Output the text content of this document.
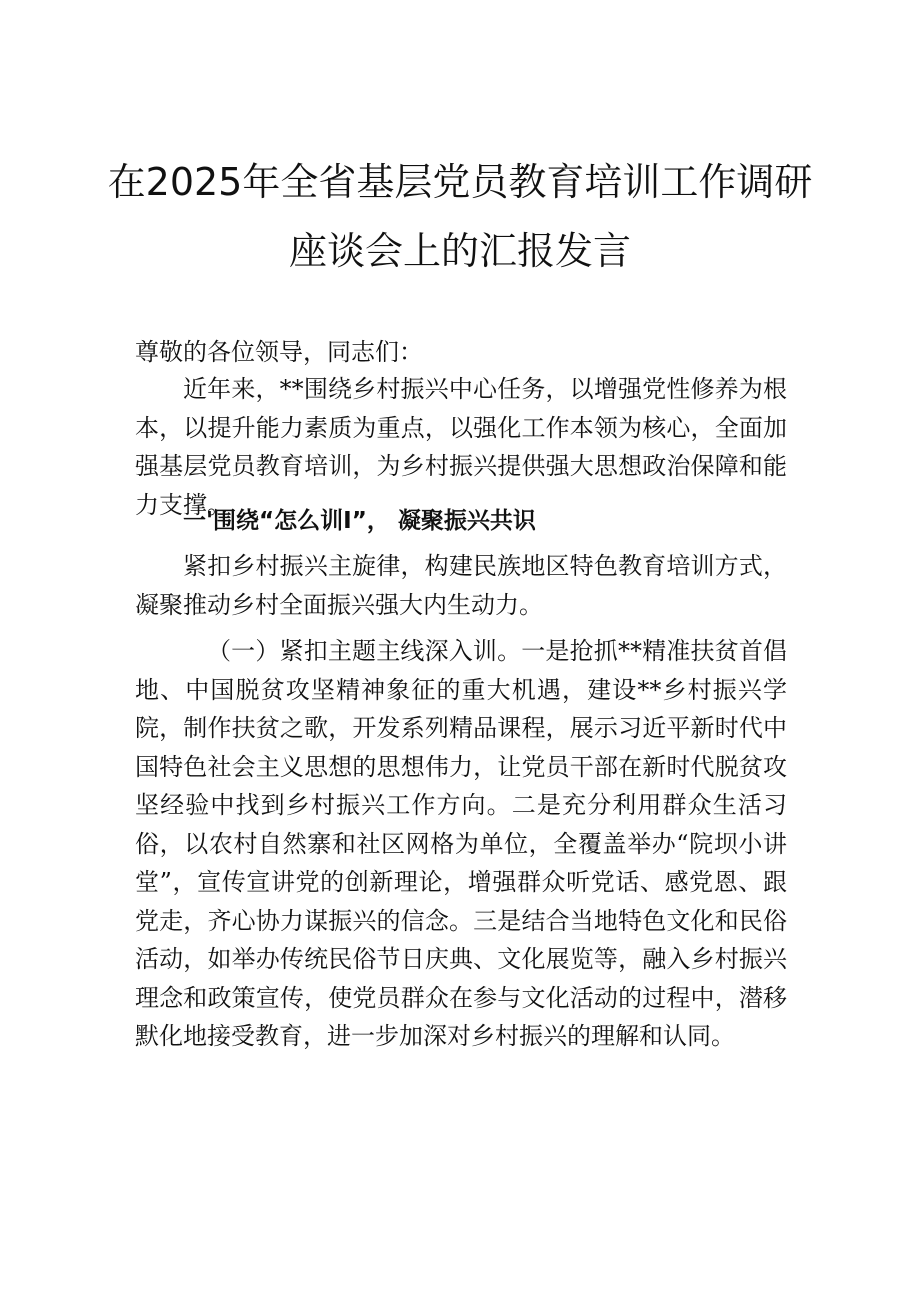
在2025年全省基层党员教育培训工作调研
座谈会上的汇报发言
尊敬的各位领导，同志们：
近年来，**围绕乡村振兴中心任务，以增强党性修养为根本，以提升能力素质为重点，以强化工作本领为核心，全面加强基层党员教育培训，为乡村振兴提供强大思想政治保障和能力支撑。
一'围绕“怎么训I”， 凝聚振兴共识
紧扣乡村振兴主旋律，构建民族地区特色教育培训方式，凝聚推动乡村全面振兴强大内生动力。
（一）紧扣主题主线深入训。一是抢抓**精准扶贫首倡地、中国脱贫攻坚精神象征的重大机遇，建设**乡村振兴学院，制作扶贫之歌，开发系列精品课程，展示习近平新时代中国特色社会主义思想的思想伟力，让党员干部在新时代脱贫攻坚经验中找到乡村振兴工作方向。二是充分利用群众生活习俗，以农村自然寨和社区网格为单位，全覆盖举办“院坝小讲堂”，宣传宣讲党的创新理论，增强群众听党话、感党恩、跟党走，齐心协力谋振兴的信念。三是结合当地特色文化和民俗活动，如举办传统民俗节日庆典、文化展览等，融入乡村振兴理念和政策宣传，使党员群众在参与文化活动的过程中，潜移默化地接受教育，进一步加深对乡村振兴的理解和认同。
